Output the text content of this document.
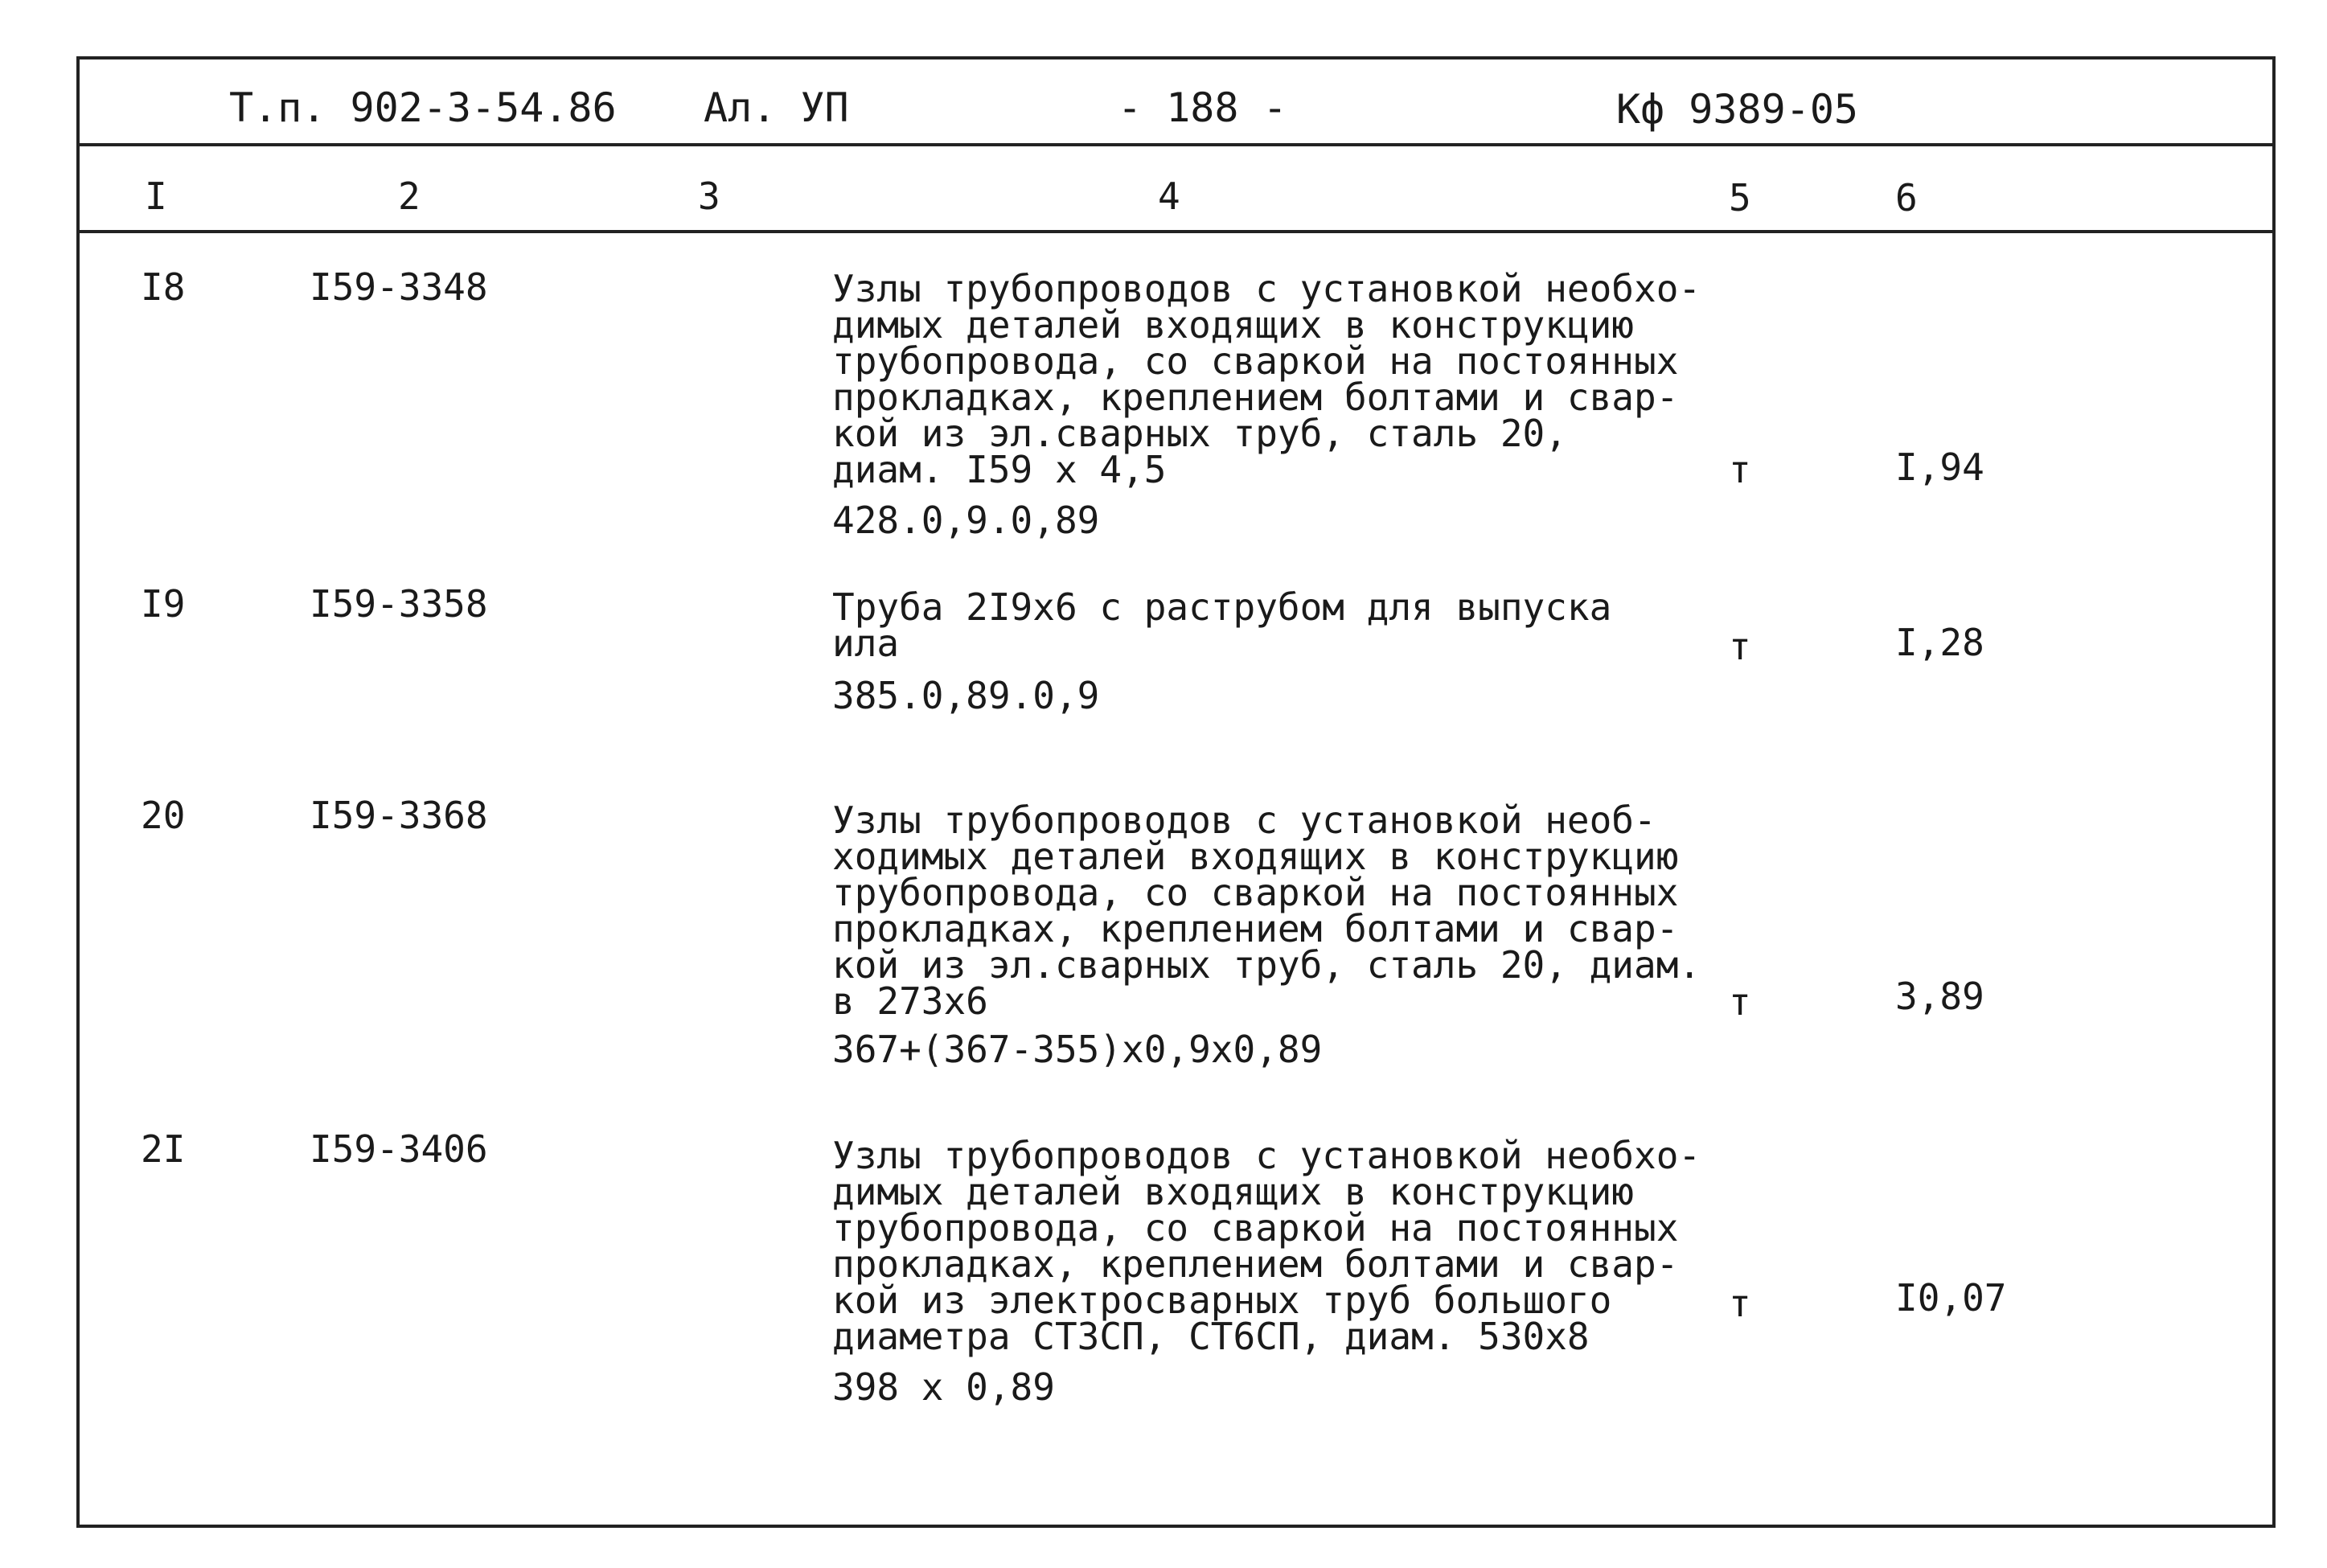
Т.п. 902-3-54.86 Ал. УП	- 188 -	Кф 9389-05
I	2	3	4	5	6
I8	I59-3348	Узлы трубопроводов с установкой необхо-
димых деталей входящих в конструкцию
трубопровода, со сваркой на постоянных
прокладках, креплением болтами и свар-
кой из эл.сварных труб, сталь 20,
диам. I59 x 4,5
428.0,9.0,89
т	I,94
I9	I59-3358	Труба 2I9x6 с раструбом для выпуска
ила
385.0,89.0,9
т	I,28
20	I59-3368	Узлы трубопроводов с установкой необ-
ходимых деталей входящих в конструкцию
трубопровода, со сваркой на постоянных
прокладках, креплением болтами и свар-
кой из эл.сварных труб, сталь 20, диам.
в 273x6
367+(367-355)x0,9x0,89
т	3,89
2I	I59-3406	Узлы трубопроводов с установкой необхо-
димых деталей входящих в конструкцию
трубопровода, со сваркой на постоянных
прокладках, креплением болтами и свар-
кой из электросварных труб большого
диаметра СТ3СП, СТ6СП, диам. 530x8
398 x 0,89
т	I0,07
